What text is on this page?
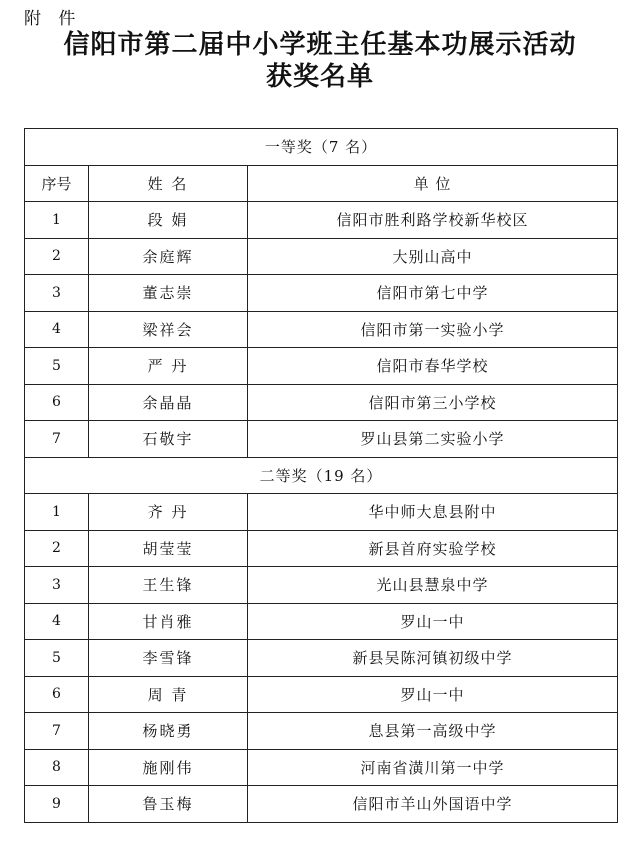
附 件
信阳市第二届中小学班主任基本功展示活动
获奖名单
一等奖（7 名）		
序号	姓 名	单 位
1	段 娟	信阳市胜利路学校新华校区
2	余庭辉	大别山高中
3	董志崇	信阳市第七中学
4	梁祥会	信阳市第一实验小学
5	严 丹	信阳市春华学校
6	余晶晶	信阳市第三小学校
7	石敬宇	罗山县第二实验小学
二等奖（19 名）		
1	齐 丹	华中师大息县附中
2	胡莹莹	新县首府实验学校
3	王生锋	光山县慧泉中学
4	甘肖雅	罗山一中
5	李雪锋	新县吴陈河镇初级中学
6	周 青	罗山一中
7	杨晓勇	息县第一高级中学
8	施刚伟	河南省潢川第一中学
9	鲁玉梅	信阳市羊山外国语中学
